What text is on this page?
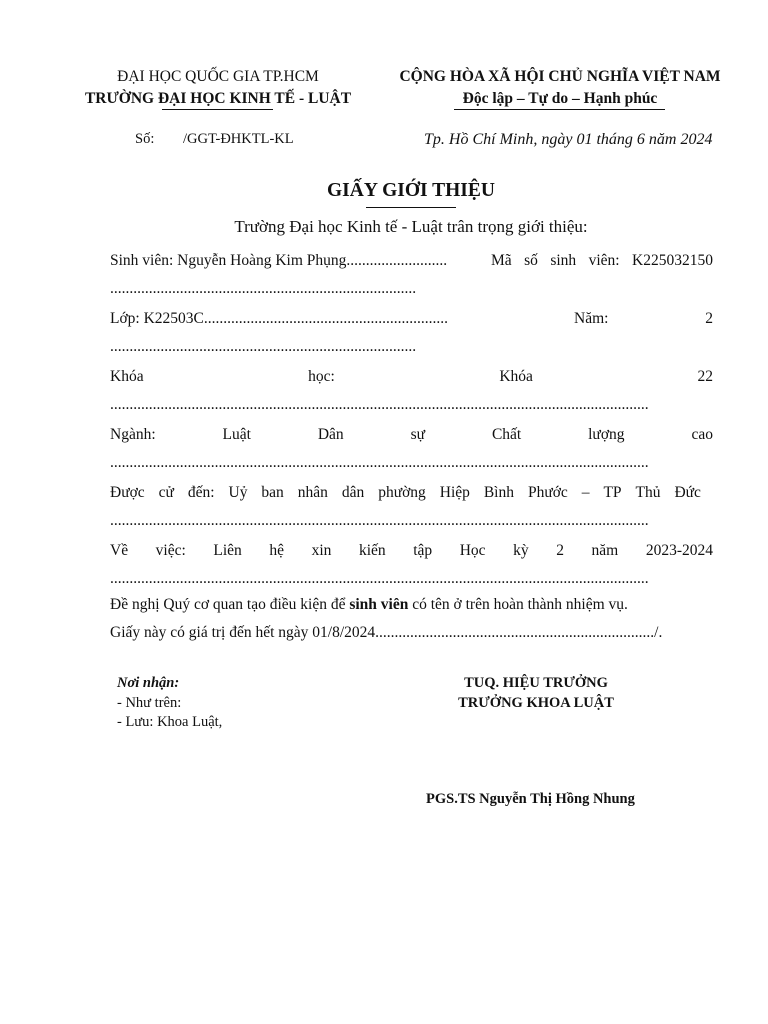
ĐẠI HỌC QUỐC GIA TP.HCM
TRƯỜNG ĐẠI HỌC KINH TẾ - LUẬT
CỘNG HÒA XÃ HỘI CHỦ NGHĨA VIỆT NAM
Độc lập – Tự do – Hạnh phúc
Số: /GGT-ĐHKTL-KL	Tp. Hồ Chí Minh, ngày 01 tháng 6 năm 2024
GIẤY GIỚI THIỆU
Trường Đại học Kinh tế - Luật trân trọng giới thiệu:
Sinh viên: Nguyễn Hoàng Kim Phụng..........................	Mã số sinh viên: K225032150
...............................................................................
Lớp: K22503C...............................................................	Năm:	2
...............................................................................
Khóa	học:	Khóa	22
...........................................................................................................................................
Ngành:	Luật	Dân	sự	Chất	lượng	cao
...........................................................................................................................................
Được cử đến: Uỷ ban nhân dân phường Hiệp Bình Phước – TP Thủ Đức
...........................................................................................................................................
Về việc: Liên hệ xin kiến tập Học kỳ 2 năm 2023-2024
...........................................................................................................................................
Đề nghị Quý cơ quan tạo điều kiện để sinh viên có tên ở trên hoàn thành nhiệm vụ.
Giấy này có giá trị đến hết ngày 01/8/2024......................................................................../.
Nơi nhận:
- Như trên:
- Lưu: Khoa Luật,
TUQ. HIỆU TRƯỞNG
TRƯỞNG KHOA LUẬT
PGS.TS Nguyễn Thị Hồng Nhung
